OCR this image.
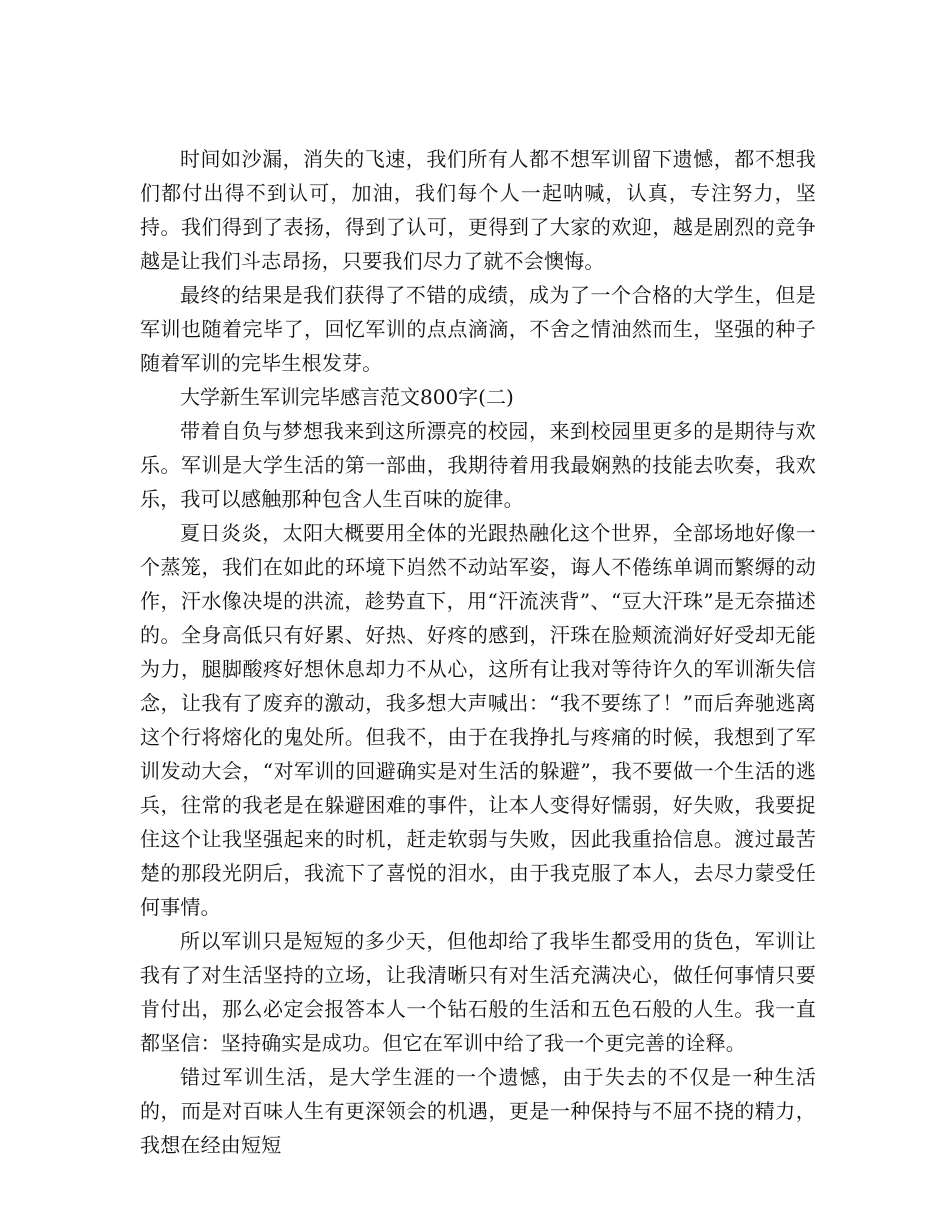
时间如沙漏，消失的飞速，我们所有人都不想军训留下遗憾，都不想我们都付出得不到认可，加油，我们每个人一起呐喊，认真，专注努力，坚持。我们得到了表扬，得到了认可，更得到了大家的欢迎，越是剧烈的竞争越是让我们斗志昂扬，只要我们尽力了就不会懊悔。

最终的结果是我们获得了不错的成绩，成为了一个合格的大学生，但是军训也随着完毕了，回忆军训的点点滴滴，不舍之情油然而生，坚强的种子随着军训的完毕生根发芽。

大学新生军训完毕感言范文800字(二)

带着自负与梦想我来到这所漂亮的校园，来到校园里更多的是期待与欢乐。军训是大学生活的第一部曲，我期待着用我最娴熟的技能去吹奏，我欢乐，我可以感触那种包含人生百味的旋律。

夏日炎炎，太阳大概要用全体的光跟热融化这个世界，全部场地好像一个蒸笼，我们在如此的环境下岿然不动站军姿，诲人不倦练单调而繁缛的动作，汗水像决堤的洪流，趁势直下，用“汗流浃背”、“豆大汗珠”是无奈描述的。全身高低只有好累、好热、好疼的感到，汗珠在脸颊流淌好好受却无能为力，腿脚酸疼好想休息却力不从心，这所有让我对等待许久的军训渐失信念，让我有了废弃的激动，我多想大声喊出：“我不要练了！”而后奔驰逃离这个行将熔化的鬼处所。但我不，由于在我挣扎与疼痛的时候，我想到了军训发动大会，“对军训的回避确实是对生活的躲避”，我不要做一个生活的逃兵，往常的我老是在躲避困难的事件，让本人变得好懦弱，好失败，我要捉住这个让我坚强起来的时机，赶走软弱与失败，因此我重拾信息。渡过最苦楚的那段光阴后，我流下了喜悦的泪水，由于我克服了本人，去尽力蒙受任何事情。

所以军训只是短短的多少天，但他却给了我毕生都受用的货色，军训让我有了对生活坚持的立场，让我清晰只有对生活充满决心，做任何事情只要肯付出，那么必定会报答本人一个钻石般的生活和五色石般的人生。我一直都坚信：坚持确实是成功。但它在军训中给了我一个更完善的诠释。

错过军训生活，是大学生涯的一个遗憾，由于失去的不仅是一种生活的，而是对百味人生有更深领会的机遇，更是一种保持与不屈不挠的精力，我想在经由短短
